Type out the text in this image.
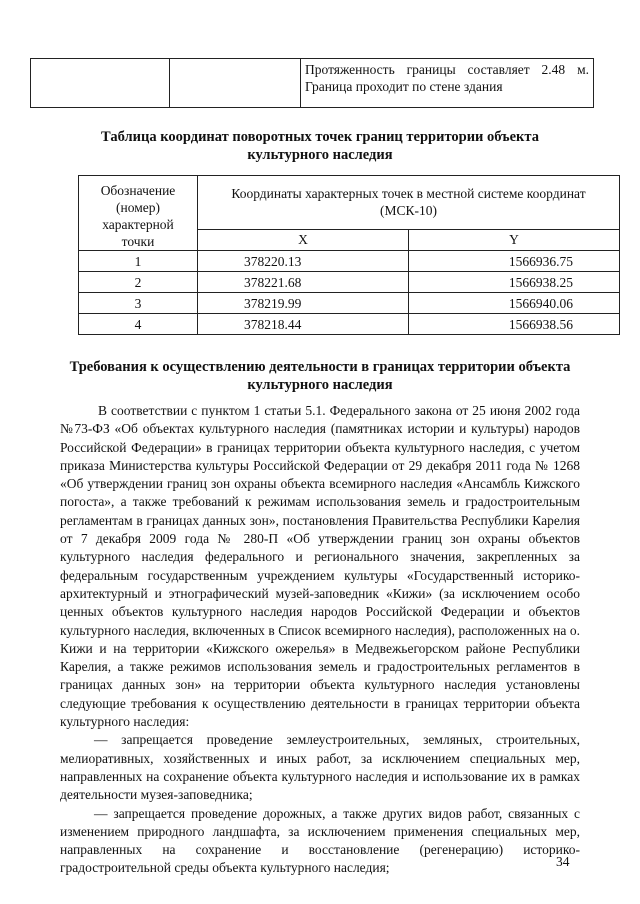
		Протяженность границы составляет 2.48 м. Граница проходит по стене здания
Таблица координат поворотных точек границ территории объекта культурного наследия
Обозначение (номер) характерной точки	Координаты характерных точек в местной системе координат (МСК-10)	
	X	Y
1	378220.13	1566936.75
2	378221.68	1566938.25
3	378219.99	1566940.06
4	378218.44	1566938.56
Требования к осуществлению деятельности в границах территории объекта культурного наследия

В соответствии с пунктом 1 статьи 5.1. Федерального закона от 25 июня 2002 года №73-ФЗ «Об объектах культурного наследия (памятниках истории и культуры) народов Российской Федерации» в границах территории объекта культурного наследия, с учетом приказа Министерства культуры Российской Федерации от 29 декабря 2011 года № 1268 «Об утверждении границ зон охраны объекта всемирного наследия «Ансамбль Кижского погоста», а также требований к режимам использования земель и градостроительным регламентам в границах данных зон», постановления Правительства Республики Карелия от 7 декабря 2009 года № 280-П «Об утверждении границ зон охраны объектов культурного наследия федерального и регионального значения, закрепленных за федеральным государственным учреждением культуры «Государственный историко-архитектурный и этнографический музей-заповедник «Кижи» (за исключением особо ценных объектов культурного наследия народов Российской Федерации и объектов культурного наследия, включенных в Список всемирного наследия), расположенных на о. Кижи и на территории «Кижского ожерелья» в Медвежьегорском районе Республики Карелия, а также режимов использования земель и градостроительных регламентов в границах данных зон» на территории объекта культурного наследия установлены следующие требования к осуществлению деятельности в границах территории объекта культурного наследия:

— запрещается проведение землеустроительных, земляных, строительных, мелиоративных, хозяйственных и иных работ, за исключением специальных мер, направленных на сохранение объекта культурного наследия и использование их в рамках деятельности музея-заповедника;

— запрещается проведение дорожных, а также других видов работ, связанных с изменением природного ландшафта, за исключением применения специальных мер, направленных на сохранение и восстановление (регенерацию) историко-градостроительной среды объекта культурного наследия;	34
